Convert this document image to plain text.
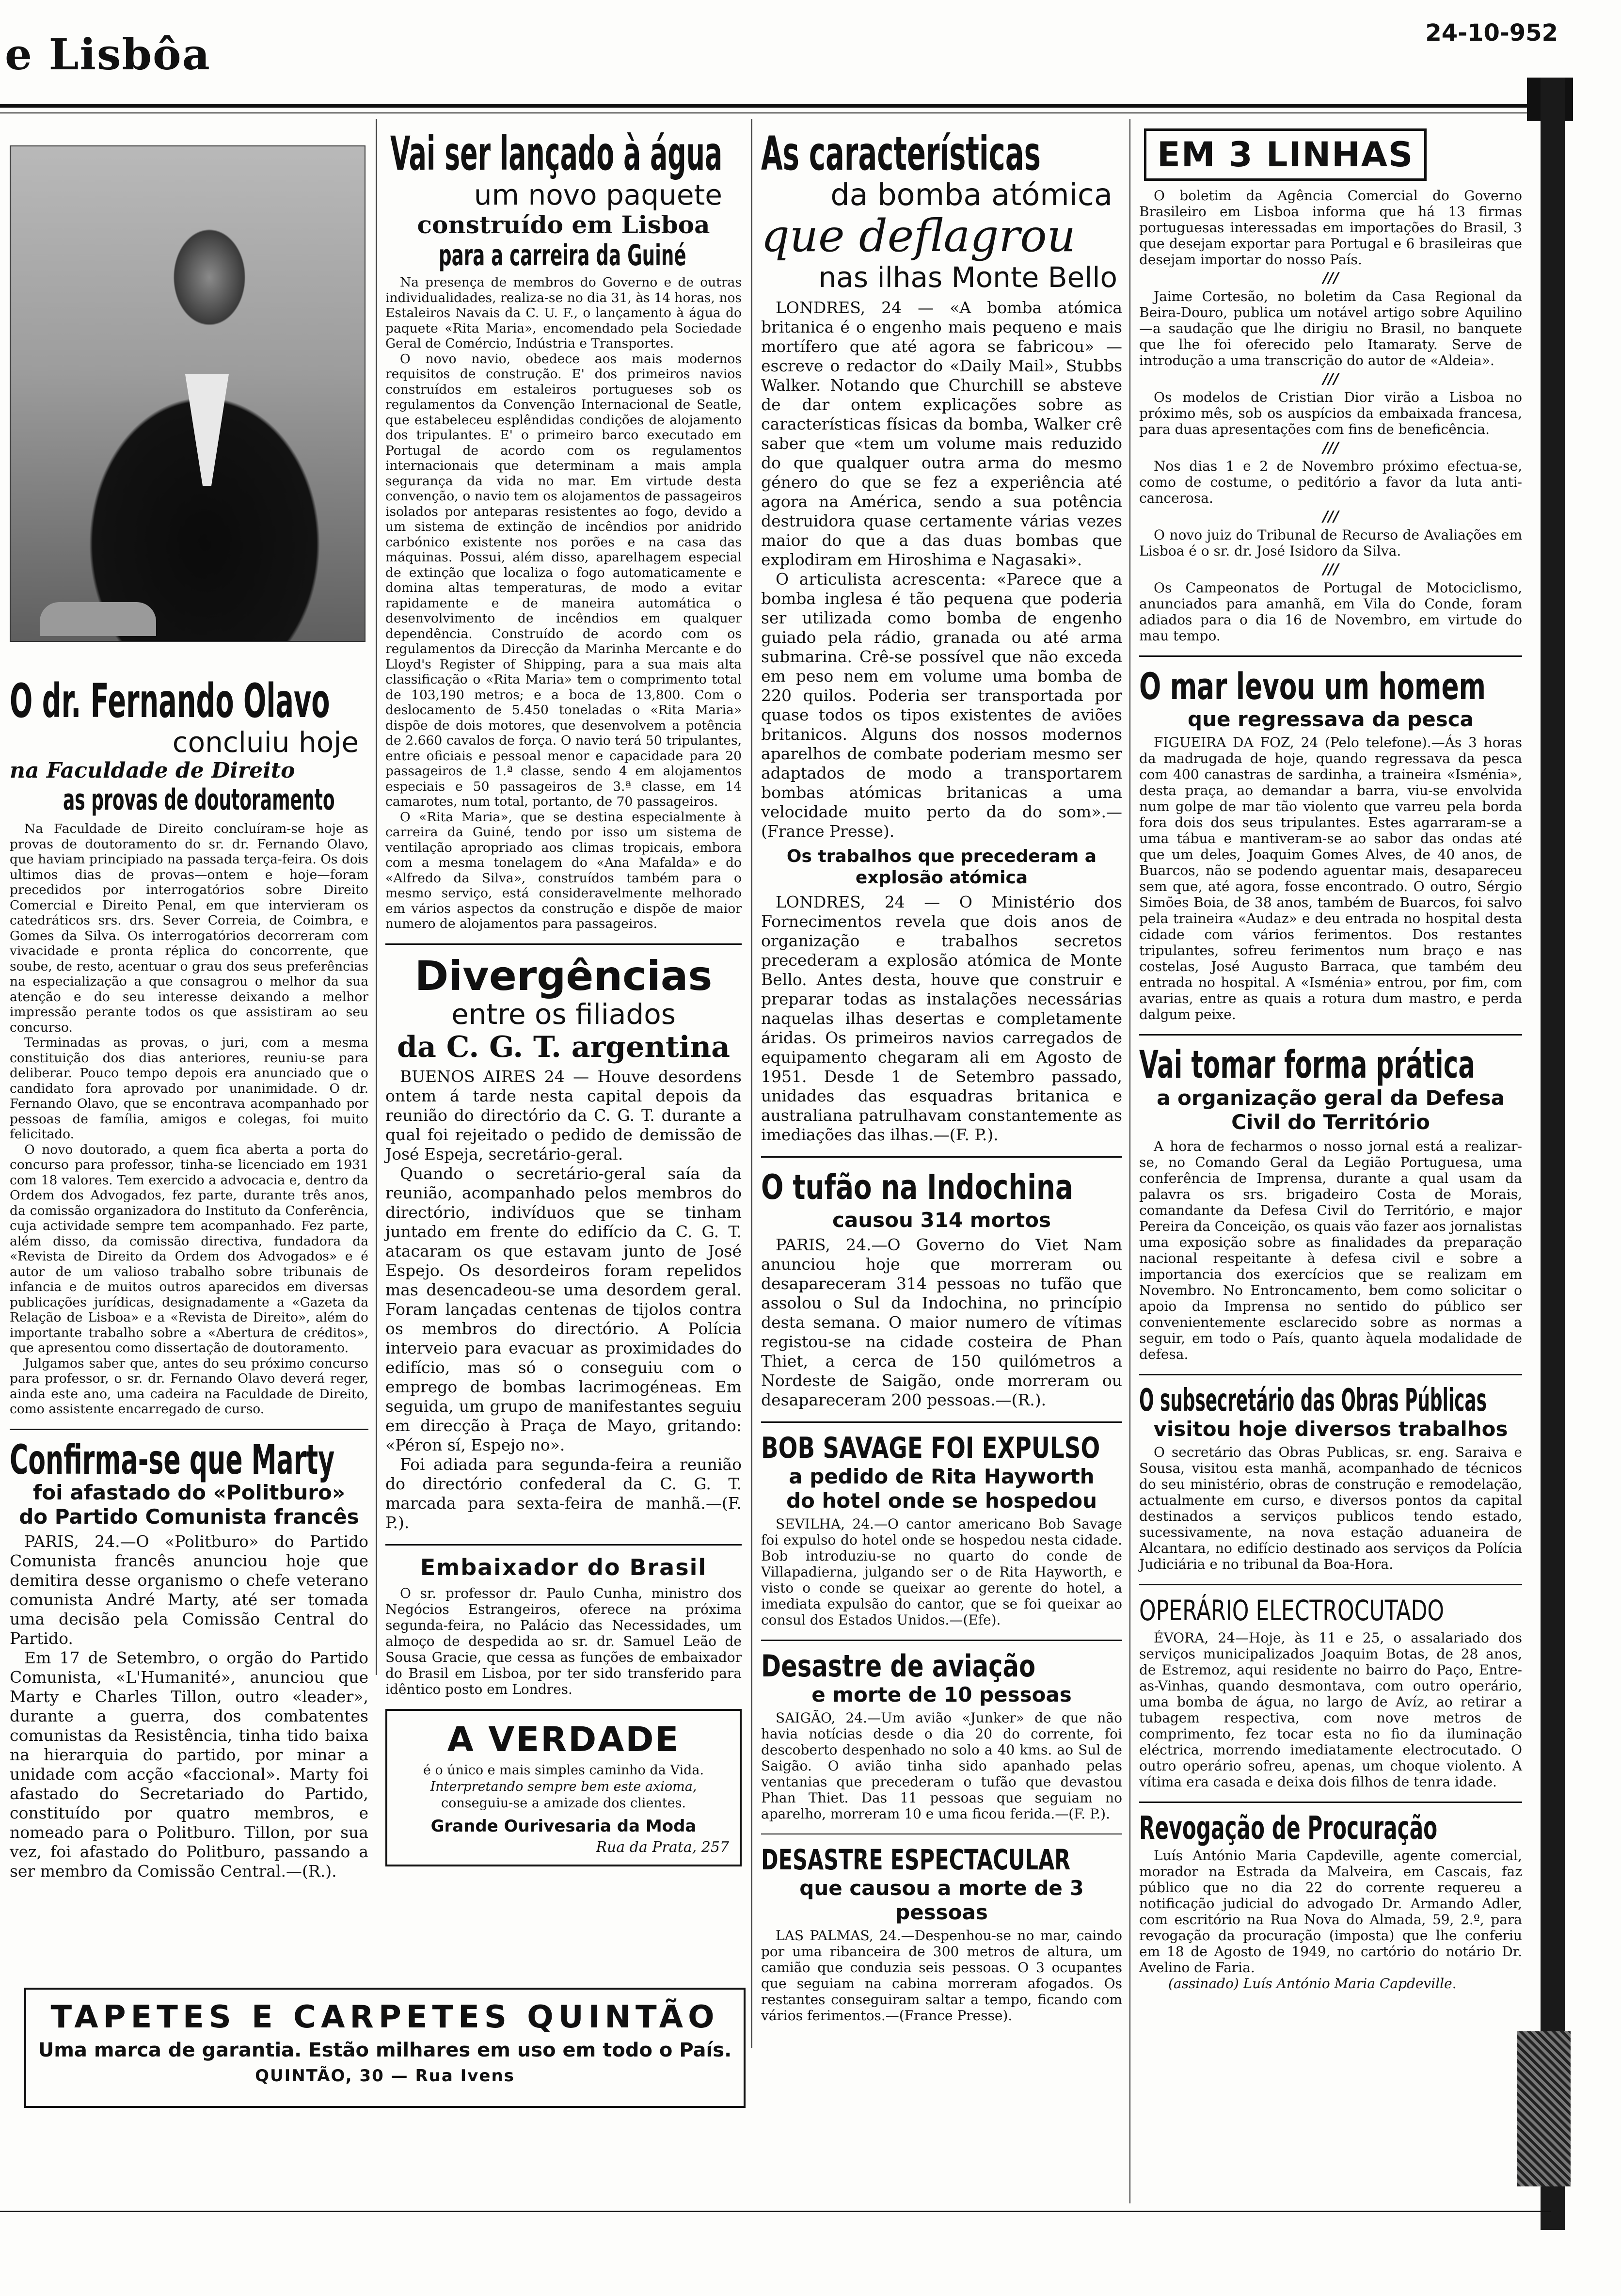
e Lisbôa	24-10-952
O dr. Fernando Olavo
concluiu hoje
na Faculdade de Direito
as provas de doutoramento

Na Faculdade de Direito concluíram-se hoje as provas de doutoramento do sr. dr. Fernando Olavo, que haviam principiado na passada terça-feira. Os dois ultimos dias de provas—ontem e hoje—foram precedidos por interrogatórios sobre Direito Comercial e Direito Penal, em que intervieram os catedráticos srs. drs. Sever Correia, de Coimbra, e Gomes da Silva. Os interrogatórios decorreram com vivacidade e pronta réplica do concorrente, que soube, de resto, acentuar o grau dos seus preferências na especialização a que consagrou o melhor da sua atenção e do seu interesse deixando a melhor impressão perante todos os que assistiram ao seu concurso.

Terminadas as provas, o juri, com a mesma constituição dos dias anteriores, reuniu-se para deliberar. Pouco tempo depois era anunciado que o candidato fora aprovado por unanimidade. O dr. Fernando Olavo, que se encontrava acompanhado por pessoas de família, amigos e colegas, foi muito felicitado.

O novo doutorado, a quem fica aberta a porta do concurso para professor, tinha-se licenciado em 1931 com 18 valores. Tem exercido a advocacia e, dentro da Ordem dos Advogados, fez parte, durante três anos, da comissão organizadora do Instituto da Conferência, cuja actividade sempre tem acompanhado. Fez parte, além disso, da comissão directiva, fundadora da «Revista de Direito da Ordem dos Advogados» e é autor de um valioso trabalho sobre tribunais de infancia e de muitos outros aparecidos em diversas publicações jurídicas, designadamente a «Gazeta da Relação de Lisboa» e a «Revista de Direito», além do importante trabalho sobre a «Abertura de créditos», que apresentou como dissertação de doutoramento.

Julgamos saber que, antes do seu próximo concurso para professor, o sr. dr. Fernando Olavo deverá reger, ainda este ano, uma cadeira na Faculdade de Direito, como assistente encarregado de curso.

Confirma-se que Marty
foi afastado do «Politburo»
do Partido Comunista francês

PARIS, 24.—O «Politburo» do Partido Comunista francês anunciou hoje que demitira desse organismo o chefe veterano comunista André Marty, até ser tomada uma decisão pela Comissão Central do Partido.

Em 17 de Setembro, o orgão do Partido Comunista, «L'Humanité», anunciou que Marty e Charles Tillon, outro «leader», durante a guerra, dos combatentes comunistas da Resistência, tinha tido baixa na hierarquia do partido, por minar a unidade com acção «faccional». Marty foi afastado do Secretariado do Partido, constituído por quatro membros, e nomeado para o Politburo. Tillon, por sua vez, foi afastado do Politburo, passando a ser membro da Comissão Central.—(R.).

Vai ser lançado à água
um novo paquete
construído em Lisboa
para a carreira da Guiné

Na presença de membros do Governo e de outras individualidades, realiza-se no dia 31, às 14 horas, nos Estaleiros Navais da C. U. F., o lançamento à água do paquete «Rita Maria», encomendado pela Sociedade Geral de Comércio, Indústria e Transportes.

O novo navio, obedece aos mais modernos requisitos de construção. E' dos primeiros navios construídos em estaleiros portugueses sob os regulamentos da Convenção Internacional de Seatle, que estabeleceu esplêndidas condições de alojamento dos tripulantes. E' o primeiro barco executado em Portugal de acordo com os regulamentos internacionais que determinam a mais ampla segurança da vida no mar. Em virtude desta convenção, o navio tem os alojamentos de passageiros isolados por anteparas resistentes ao fogo, devido a um sistema de extinção de incêndios por anidrido carbónico existente nos porões e na casa das máquinas. Possui, além disso, aparelhagem especial de extinção que localiza o fogo automaticamente e domina altas temperaturas, de modo a evitar rapidamente e de maneira automática o desenvolvimento de incêndios em qualquer dependência. Construído de acordo com os regulamentos da Direcção da Marinha Mercante e do Lloyd's Register of Shipping, para a sua mais alta classificação o «Rita Maria» tem o comprimento total de 103,190 metros; e a boca de 13,800. Com o deslocamento de 5.450 toneladas o «Rita Maria» dispõe de dois motores, que desenvolvem a potência de 2.660 cavalos de força. O navio terá 50 tripulantes, entre oficiais e pessoal menor e capacidade para 20 passageiros de 1.ª classe, sendo 4 em alojamentos especiais e 50 passageiros de 3.ª classe, em 14 camarotes, num total, portanto, de 70 passageiros.

O «Rita Maria», que se destina especialmente à carreira da Guiné, tendo por isso um sistema de ventilação apropriado aos climas tropicais, embora com a mesma tonelagem do «Ana Mafalda» e do «Alfredo da Silva», construídos também para o mesmo serviço, está consideravelmente melhorado em vários aspectos da construção e dispõe de maior numero de alojamentos para passageiros.

Divergências
entre os filiados
da C. G. T. argentina

BUENOS AIRES 24 — Houve desordens ontem á tarde nesta capital depois da reunião do directório da C. G. T. durante a qual foi rejeitado o pedido de demissão de José Espeja, secretário-geral.

Quando o secretário-geral saía da reunião, acompanhado pelos membros do directório, indivíduos que se tinham juntado em frente do edifício da C. G. T. atacaram os que estavam junto de José Espejo. Os desordeiros foram repelidos mas desencadeou-se uma desordem geral. Foram lançadas centenas de tijolos contra os membros do directório. A Polícia interveio para evacuar as proximidades do edifício, mas só o conseguiu com o emprego de bombas lacrimogéneas. Em seguida, um grupo de manifestantes seguiu em direcção à Praça de Mayo, gritando: «Péron sí, Espejo no».

Foi adiada para segunda-feira a reunião do directório confederal da C. G. T. marcada para sexta-feira de manhã.—(F. P.).

Embaixador do Brasil

O sr. professor dr. Paulo Cunha, ministro dos Negócios Estrangeiros, oferece na próxima segunda-feira, no Palácio das Necessidades, um almoço de despedida ao sr. dr. Samuel Leão de Sousa Gracie, que cessa as funções de embaixador do Brasil em Lisboa, por ter sido transferido para idêntico posto em Londres.

A VERDADE
é o único e mais simples caminho da Vida.
Interpretando sempre bem este axioma,
conseguiu-se a amizade dos clientes.
Grande Ourivesaria da Moda
Rua da Prata, 257
As características
da bomba atómica
que deflagrou
nas ilhas Monte Bello

LONDRES, 24 — «A bomba atómica britanica é o engenho mais pequeno e mais mortífero que até agora se fabricou» — escreve o redactor do «Daily Mail», Stubbs Walker. Notando que Churchill se absteve de dar ontem explicações sobre as características físicas da bomba, Walker crê saber que «tem um volume mais reduzido do que qualquer outra arma do mesmo género do que se fez a experiência até agora na América, sendo a sua potência destruidora quase certamente várias vezes maior do que a das duas bombas que explodiram em Hiroshima e Nagasaki».

O articulista acrescenta: «Parece que a bomba inglesa é tão pequena que poderia ser utilizada como bomba de engenho guiado pela rádio, granada ou até arma submarina. Crê-se possível que não exceda em peso nem em volume uma bomba de 220 quilos. Poderia ser transportada por quase todos os tipos existentes de aviões britanicos. Alguns dos nossos modernos aparelhos de combate poderiam mesmo ser adaptados de modo a transportarem bombas atómicas britanicas a uma velocidade muito perto da do som».—(France Presse).

Os trabalhos que precederam a explosão atómica

LONDRES, 24 — O Ministério dos Fornecimentos revela que dois anos de organização e trabalhos secretos precederam a explosão atómica de Monte Bello. Antes desta, houve que construir e preparar todas as instalações necessárias naquelas ilhas desertas e completamente áridas. Os primeiros navios carregados de equipamento chegaram ali em Agosto de 1951. Desde 1 de Setembro passado, unidades das esquadras britanica e australiana patrulhavam constantemente as imediações das ilhas.—(F. P.).

O tufão na Indochina
causou 314 mortos

PARIS, 24.—O Governo do Viet Nam anunciou hoje que morreram ou desapareceram 314 pessoas no tufão que assolou o Sul da Indochina, no princípio desta semana. O maior numero de vítimas registou-se na cidade costeira de Phan Thiet, a cerca de 150 quilómetros a Nordeste de Saigão, onde morreram ou desapareceram 200 pessoas.—(R.).

BOB SAVAGE FOI EXPULSO
a pedido de Rita Hayworth
do hotel onde se hospedou

SEVILHA, 24.—O cantor americano Bob Savage foi expulso do hotel onde se hospedou nesta cidade. Bob introduziu-se no quarto do conde de Villapadierna, julgando ser o de Rita Hayworth, e visto o conde se queixar ao gerente do hotel, a imediata expulsão do cantor, que se foi queixar ao consul dos Estados Unidos.—(Efe).

Desastre de aviação
e morte de 10 pessoas

SAIGÃO, 24.—Um avião «Junker» de que não havia notícias desde o dia 20 do corrente, foi descoberto despenhado no solo a 40 kms. ao Sul de Saigão. O avião tinha sido apanhado pelas ventanias que precederam o tufão que devastou Phan Thiet. Das 11 pessoas que seguiam no aparelho, morreram 10 e uma ficou ferida.—(F. P.).

DESASTRE ESPECTACULAR
que causou a morte de 3 pessoas

LAS PALMAS, 24.—Despenhou-se no mar, caindo por uma ribanceira de 300 metros de altura, um camião que conduzia seis pessoas. O 3 ocupantes que seguiam na cabina morreram afogados. Os restantes conseguiram saltar a tempo, ficando com vários ferimentos.—(France Presse).

EM 3 LINHAS

O boletim da Agência Comercial do Governo Brasileiro em Lisboa informa que há 13 firmas portuguesas interessadas em importações do Brasil, 3 que desejam exportar para Portugal e 6 brasileiras que desejam importar do nosso País.

///

Jaime Cortesão, no boletim da Casa Regional da Beira-Douro, publica um notável artigo sobre Aquilino—a saudação que lhe dirigiu no Brasil, no banquete que lhe foi oferecido pelo Itamaraty. Serve de introdução a uma transcrição do autor de «Aldeia».

///

Os modelos de Cristian Dior virão a Lisboa no próximo mês, sob os auspícios da embaixada francesa, para duas apresentações com fins de beneficência.

///

Nos dias 1 e 2 de Novembro próximo efectua-se, como de costume, o peditório a favor da luta anti-cancerosa.

///

O novo juiz do Tribunal de Recurso de Avaliações em Lisboa é o sr. dr. José Isidoro da Silva.

///

Os Campeonatos de Portugal de Motociclismo, anunciados para amanhã, em Vila do Conde, foram adiados para o dia 16 de Novembro, em virtude do mau tempo.

O mar levou um homem
que regressava da pesca

FIGUEIRA DA FOZ, 24 (Pelo telefone).—Ás 3 horas da madrugada de hoje, quando regressava da pesca com 400 canastras de sardinha, a traineira «Isménia», desta praça, ao demandar a barra, viu-se envolvida num golpe de mar tão violento que varreu pela borda fora dois dos seus tripulantes. Estes agarraram-se a uma tábua e mantiveram-se ao sabor das ondas até que um deles, Joaquim Gomes Alves, de 40 anos, de Buarcos, não se podendo aguentar mais, desapareceu sem que, até agora, fosse encontrado. O outro, Sérgio Simões Boia, de 38 anos, também de Buarcos, foi salvo pela traineira «Audaz» e deu entrada no hospital desta cidade com vários ferimentos. Dos restantes tripulantes, sofreu ferimentos num braço e nas costelas, José Augusto Barraca, que também deu entrada no hospital. A «Isménia» entrou, por fim, com avarias, entre as quais a rotura dum mastro, e perda dalgum peixe.

Vai tomar forma prática
a organização geral da Defesa
Civil do Território

A hora de fecharmos o nosso jornal está a realizar-se, no Comando Geral da Legião Portuguesa, uma conferência de Imprensa, durante a qual usam da palavra os srs. brigadeiro Costa de Morais, comandante da Defesa Civil do Território, e major Pereira da Conceição, os quais vão fazer aos jornalistas uma exposição sobre as finalidades da preparação nacional respeitante à defesa civil e sobre a importancia dos exercícios que se realizam em Novembro. No Entroncamento, bem como solicitar o apoio da Imprensa no sentido do público ser convenientemente esclarecido sobre as normas a seguir, em todo o País, quanto àquela modalidade de defesa.

O subsecretário das Obras Públicas
visitou hoje diversos trabalhos

O secretário das Obras Publicas, sr. eng. Saraiva e Sousa, visitou esta manhã, acompanhado de técnicos do seu ministério, obras de construção e remodelação, actualmente em curso, e diversos pontos da capital destinados a serviços publicos tendo estado, sucessivamente, na nova estação aduaneira de Alcantara, no edifício destinado aos serviços da Polícia Judiciária e no tribunal da Boa-Hora.

OPERÁRIO ELECTROCUTADO

ÉVORA, 24—Hoje, às 11 e 25, o assalariado dos serviços municipalizados Joaquim Botas, de 28 anos, de Estremoz, aqui residente no bairro do Paço, Entre-as-Vinhas, quando desmontava, com outro operário, uma bomba de água, no largo de Avíz, ao retirar a tubagem respectiva, com nove metros de comprimento, fez tocar esta no fio da iluminação eléctrica, morrendo imediatamente electrocutado. O outro operário sofreu, apenas, um choque violento. A vítima era casada e deixa dois filhos de tenra idade.

Revogação de Procuração

Luís António Maria Capdeville, agente comercial, morador na Estrada da Malveira, em Cascais, faz público que no dia 22 do corrente requereu a notificação judicial do advogado Dr. Armando Adler, com escritório na Rua Nova do Almada, 59, 2.º, para revogação da procuração (imposta) que lhe conferiu em 18 de Agosto de 1949, no cartório do notário Dr. Avelino de Faria.

(assinado) Luís António Maria Capdeville.

TAPETES E CARPETES QUINTÃO
Uma marca de garantia. Estão milhares em uso em todo o País.
QUINTÃO, 30 — Rua Ivens
